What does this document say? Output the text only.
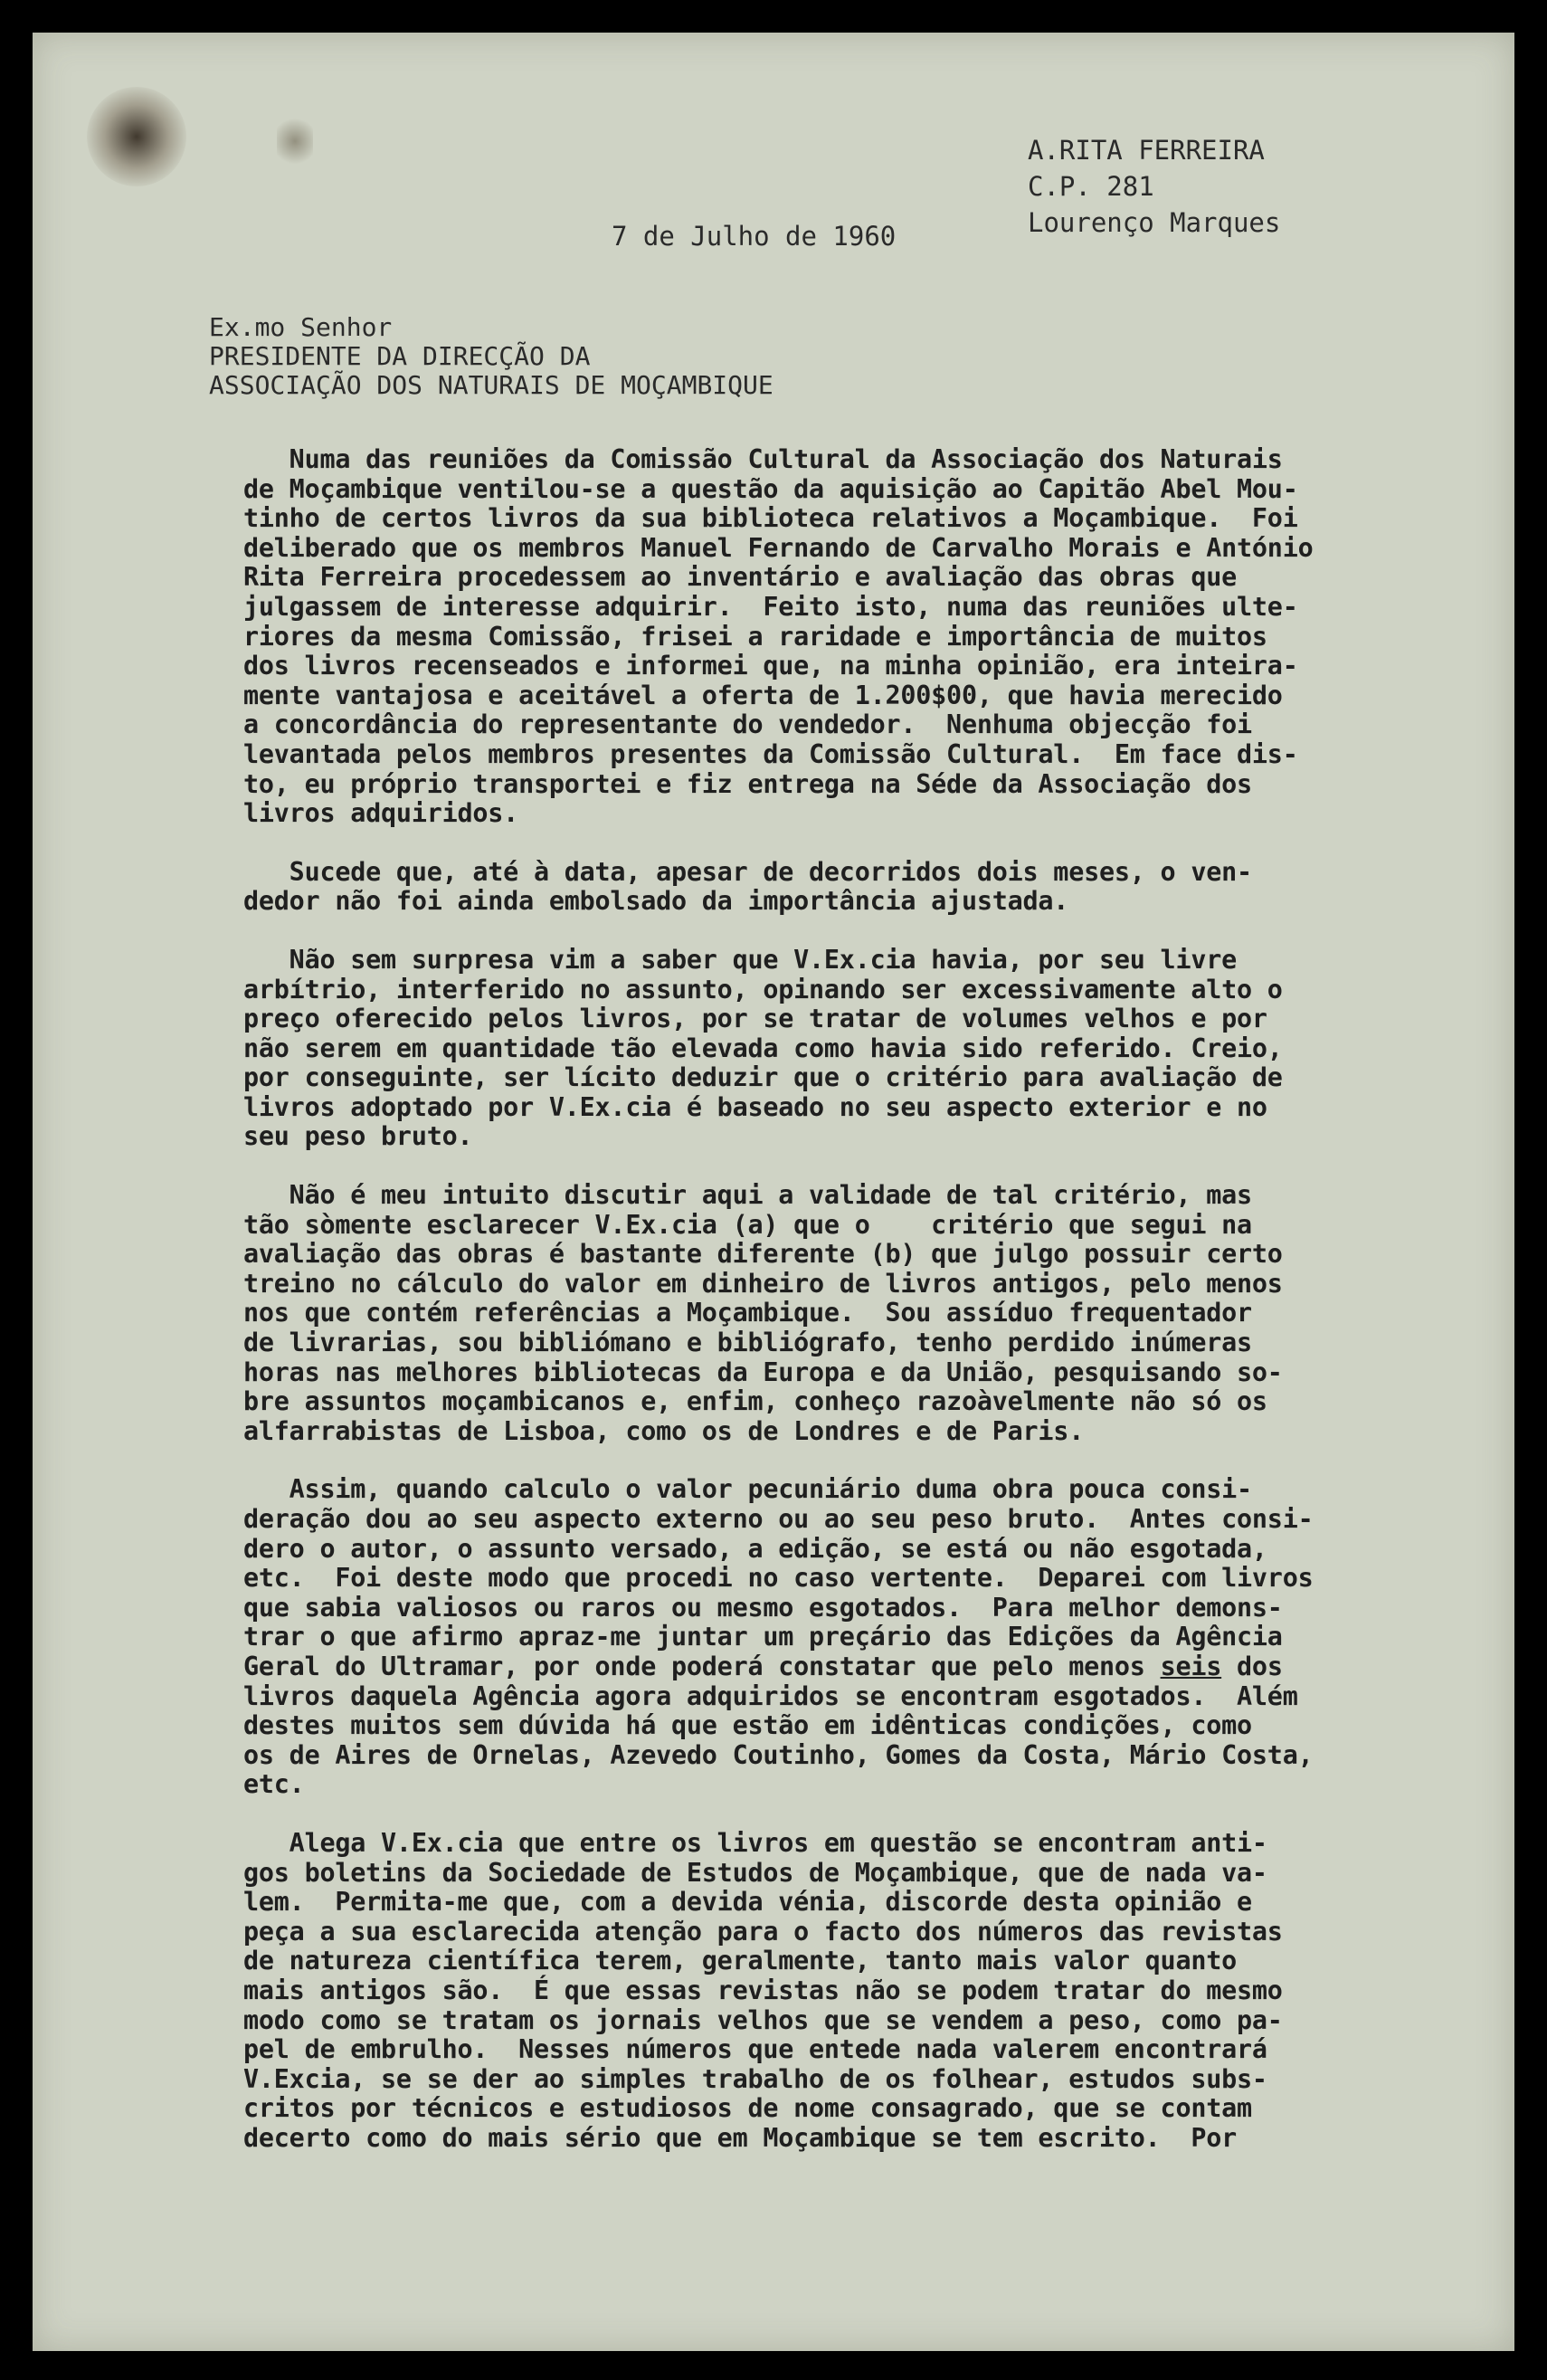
A.RITA FERREIRA
C.P. 281
Lourenço Marques
7 de Julho de 1960
Ex.mo Senhor
PRESIDENTE DA DIRECÇÃO DA
ASSOCIAÇÃO DOS NATURAIS DE MOÇAMBIQUE
Numa das reuniões da Comissão Cultural da Associação dos Naturais
de Moçambique ventilou-se a questão da aquisição ao Capitão Abel Mou-
tinho de certos livros da sua biblioteca relativos a Moçambique.  Foi
deliberado que os membros Manuel Fernando de Carvalho Morais e António
Rita Ferreira procedessem ao inventário e avaliação das obras que
julgassem de interesse adquirir.  Feito isto, numa das reuniões ulte-
riores da mesma Comissão, frisei a raridade e importância de muitos
dos livros recenseados e informei que, na minha opinião, era inteira-
mente vantajosa e aceitável a oferta de 1.200$00, que havia merecido
a concordância do representante do vendedor.  Nenhuma objecção foi
levantada pelos membros presentes da Comissão Cultural.  Em face dis-
to, eu próprio transportei e fiz entrega na Séde da Associação dos
livros adquiridos.
Sucede que, até à data, apesar de decorridos dois meses, o ven-
dedor não foi ainda embolsado da importância ajustada.
Não sem surpresa vim a saber que V.Ex.cia havia, por seu livre
arbítrio, interferido no assunto, opinando ser excessivamente alto o
preço oferecido pelos livros, por se tratar de volumes velhos e por
não serem em quantidade tão elevada como havia sido referido. Creio,
por conseguinte, ser lícito deduzir que o critério para avaliação de
livros adoptado por V.Ex.cia é baseado no seu aspecto exterior e no
seu peso bruto.
Não é meu intuito discutir aqui a validade de tal critério, mas
tão sòmente esclarecer V.Ex.cia (a) que o    critério que segui na
avaliação das obras é bastante diferente (b) que julgo possuir certo
treino no cálculo do valor em dinheiro de livros antigos, pelo menos
nos que contém referências a Moçambique.  Sou assíduo frequentador
de livrarias, sou bibliómano e bibliógrafo, tenho perdido inúmeras
horas nas melhores bibliotecas da Europa e da União, pesquisando so-
bre assuntos moçambicanos e, enfim, conheço razoàvelmente não só os
alfarrabistas de Lisboa, como os de Londres e de Paris.
Assim, quando calculo o valor pecuniário duma obra pouca consi-
deração dou ao seu aspecto externo ou ao seu peso bruto.  Antes consi-
dero o autor, o assunto versado, a edição, se está ou não esgotada,
etc.  Foi deste modo que procedi no caso vertente.  Deparei com livros
que sabia valiosos ou raros ou mesmo esgotados.  Para melhor demons-
trar o que afirmo apraz-me juntar um preçário das Edições da Agência
Geral do Ultramar, por onde poderá constatar que pelo menos seis dos
livros daquela Agência agora adquiridos se encontram esgotados.  Além
destes muitos sem dúvida há que estão em idênticas condições, como
os de Aires de Ornelas, Azevedo Coutinho, Gomes da Costa, Mário Costa,
etc.
Alega V.Ex.cia que entre os livros em questão se encontram anti-
gos boletins da Sociedade de Estudos de Moçambique, que de nada va-
lem.  Permita-me que, com a devida vénia, discorde desta opinião e
peça a sua esclarecida atenção para o facto dos números das revistas
de natureza científica terem, geralmente, tanto mais valor quanto
mais antigos são.  É que essas revistas não se podem tratar do mesmo
modo como se tratam os jornais velhos que se vendem a peso, como pa-
pel de embrulho.  Nesses números que entede nada valerem encontrará
V.Excia, se se der ao simples trabalho de os folhear, estudos subs-
critos por técnicos e estudiosos de nome consagrado, que se contam
decerto como do mais sério que em Moçambique se tem escrito.  Por
